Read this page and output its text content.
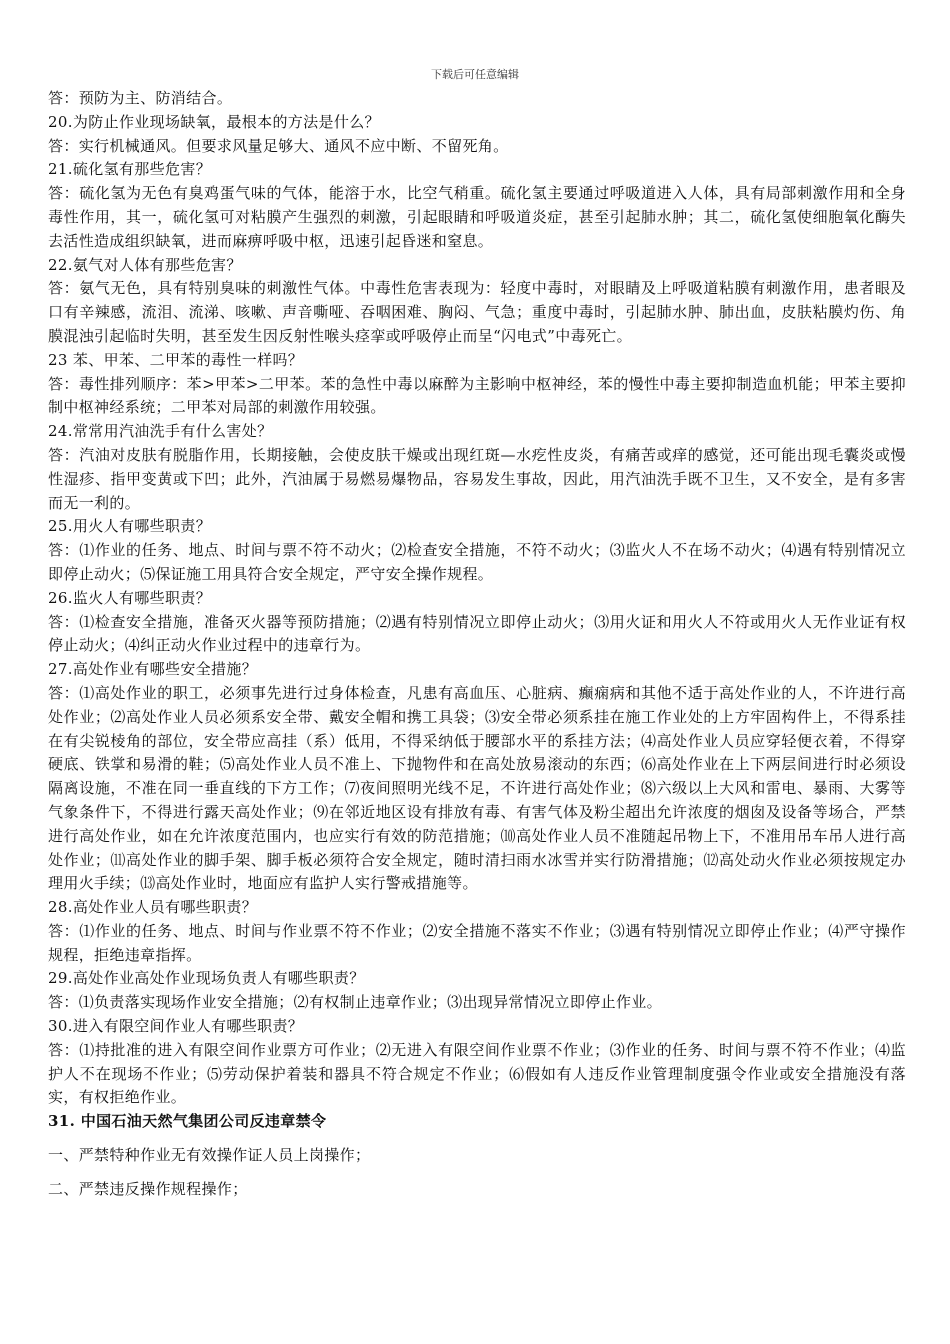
下载后可任意编辑

答：预防为主、防消结合。

20.为防止作业现场缺氧，最根本的方法是什么？

答：实行机械通风。但要求风量足够大、通风不应中断、不留死角。

21.硫化氢有那些危害？

答：硫化氢为无色有臭鸡蛋气味的气体，能溶于水，比空气稍重。硫化氢主要通过呼吸道进入人体，具有局部刺激作用和全身毒性作用，其一，硫化氢可对粘膜产生强烈的刺激，引起眼睛和呼吸道炎症，甚至引起肺水肿；其二，硫化氢使细胞氧化酶失去活性造成组织缺氧，进而麻痹呼吸中枢，迅速引起昏迷和窒息。

22.氨气对人体有那些危害？

答：氨气无色，具有特别臭味的刺激性气体。中毒性危害表现为：轻度中毒时，对眼睛及上呼吸道粘膜有刺激作用，患者眼及口有辛辣感，流泪、流涕、咳嗽、声音嘶哑、吞咽困难、胸闷、气急；重度中毒时，引起肺水肿、肺出血，皮肤粘膜灼伤、角膜混浊引起临时失明，甚至发生因反射性喉头痉挛或呼吸停止而呈“闪电式”中毒死亡。

23 苯、甲苯、二甲苯的毒性一样吗？

答：毒性排列顺序：苯>甲苯>二甲苯。苯的急性中毒以麻醉为主影响中枢神经，苯的慢性中毒主要抑制造血机能；甲苯主要抑制中枢神经系统；二甲苯对局部的刺激作用较强。

24.常常用汽油洗手有什么害处？

答：汽油对皮肤有脱脂作用，长期接触，会使皮肤干燥或出现红斑—水疙性皮炎，有痛苦或痒的感觉，还可能出现毛囊炎或慢性湿疹、指甲变黄或下凹；此外，汽油属于易燃易爆物品，容易发生事故，因此，用汽油洗手既不卫生，又不安全，是有多害而无一利的。

25.用火人有哪些职责？

答：⑴作业的任务、地点、时间与票不符不动火；⑵检查安全措施，不符不动火；⑶监火人不在场不动火；⑷遇有特别情况立即停止动火；⑸保证施工用具符合安全规定，严守安全操作规程。

26.监火人有哪些职责？

答：⑴检查安全措施，准备灭火器等预防措施；⑵遇有特别情况立即停止动火；⑶用火证和用火人不符或用火人无作业证有权停止动火；⑷纠正动火作业过程中的违章行为。

27.高处作业有哪些安全措施？

答：⑴高处作业的职工，必须事先进行过身体检查，凡患有高血压、心脏病、癫痫病和其他不适于高处作业的人，不许进行高处作业；⑵高处作业人员必须系安全带、戴安全帽和携工具袋；⑶安全带必须系挂在施工作业处的上方牢固构件上，不得系挂在有尖锐棱角的部位，安全带应高挂（系）低用，不得采纳低于腰部水平的系挂方法；⑷高处作业人员应穿轻便衣着，不得穿硬底、铁掌和易滑的鞋；⑸高处作业人员不准上、下抛物件和在高处放易滚动的东西；⑹高处作业在上下两层间进行时必须设隔离设施，不准在同一垂直线的下方工作；⑺夜间照明光线不足，不许进行高处作业；⑻六级以上大风和雷电、暴雨、大雾等气象条件下，不得进行露天高处作业；⑼在邻近地区设有排放有毒、有害气体及粉尘超出允许浓度的烟囱及设备等场合，严禁进行高处作业，如在允许浓度范围内，也应实行有效的防范措施；⑽高处作业人员不准随起吊物上下，不准用吊车吊人进行高处作业；⑾高处作业的脚手架、脚手板必须符合安全规定，随时清扫雨水冰雪并实行防滑措施；⑿高处动火作业必须按规定办理用火手续；⒀高处作业时，地面应有监护人实行警戒措施等。

28.高处作业人员有哪些职责？

答：⑴作业的任务、地点、时间与作业票不符不作业；⑵安全措施不落实不作业；⑶遇有特别情况立即停止作业；⑷严守操作规程，拒绝违章指挥。

29.高处作业高处作业现场负责人有哪些职责？

答：⑴负责落实现场作业安全措施；⑵有权制止违章作业；⑶出现异常情况立即停止作业。

30.进入有限空间作业人有哪些职责？

答：⑴持批准的进入有限空间作业票方可作业；⑵无进入有限空间作业票不作业；⑶作业的任务、时间与票不符不作业；⑷监护人不在现场不作业；⑸劳动保护着装和器具不符合规定不作业；⑹假如有人违反作业管理制度强令作业或安全措施没有落实，有权拒绝作业。

31. 中国石油天然气集团公司反违章禁令

一、严禁特种作业无有效操作证人员上岗操作；

二、严禁违反操作规程操作；
